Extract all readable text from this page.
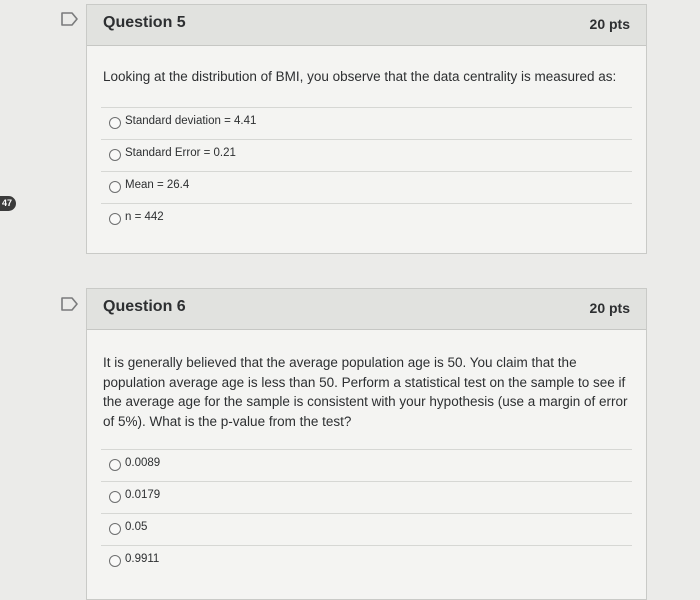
47
Question 5	20 pts
Looking at the distribution of BMI, you observe that the data centrality is measured as:
Standard deviation = 4.41
Standard Error = 0.21
Mean = 26.4
n = 442
Question 6	20 pts
It is generally believed that the average population age is 50. You claim that the population average age is less than 50. Perform a statistical test on the sample to see if the average age for the sample is consistent with your hypothesis (use a margin of error of 5%). What is the p-value from the test?
0.0089
0.0179
0.05
0.9911
